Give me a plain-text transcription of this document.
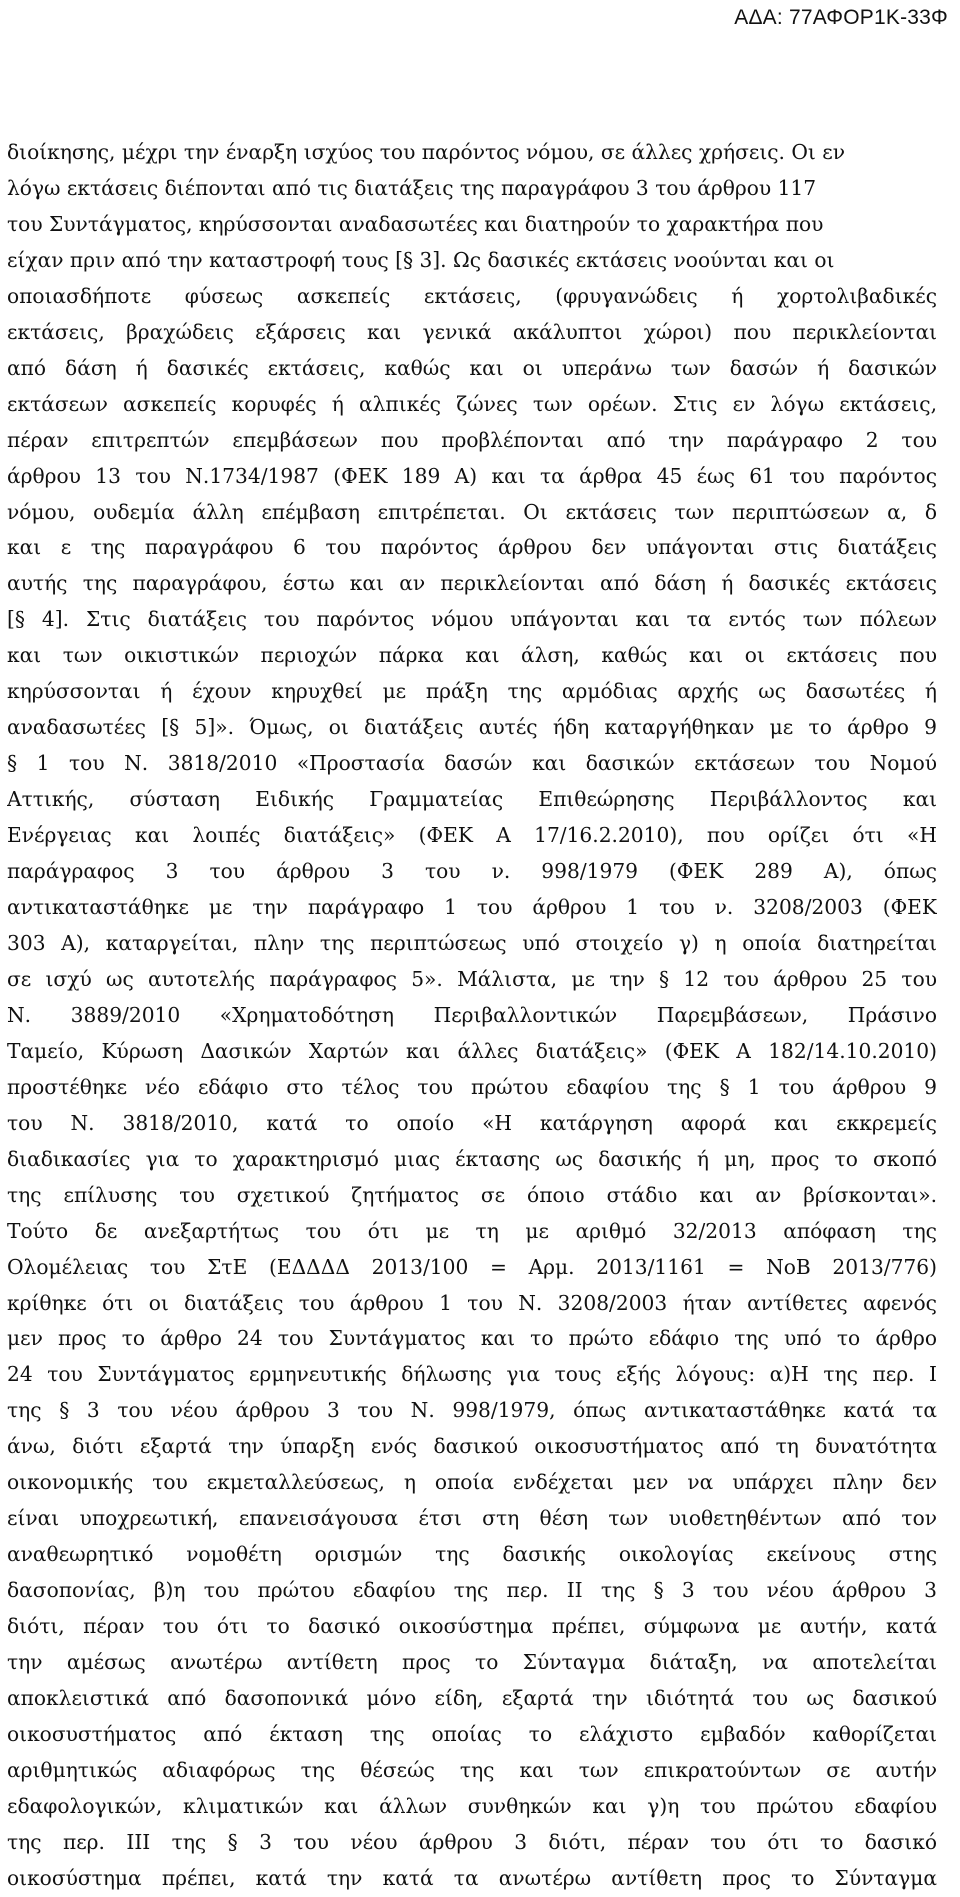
ΑΔΑ: 77ΑΦΟΡ1Κ-33Φ
διοίκησης, μέχρι την έναρξη ισχύος του παρόντος νόμου, σε άλλες χρήσεις. Οι εν
λόγω εκτάσεις διέπονται από τις διατάξεις της παραγράφου 3 του άρθρου 117
του Συντάγματος, κηρύσσονται αναδασωτέες και διατηρούν το χαρακτήρα που
είχαν πριν από την καταστροφή τους [§ 3]. Ως δασικές εκτάσεις νοούνται και οι
οποιασδήποτε φύσεως ασκεπείς εκτάσεις, (φρυγανώδεις ή χορτολιβαδικές
εκτάσεις, βραχώδεις εξάρσεις και γενικά ακάλυπτοι χώροι) που περικλείονται
από δάση ή δασικές εκτάσεις, καθώς και οι υπεράνω των δασών ή δασικών
εκτάσεων ασκεπείς κορυφές ή αλπικές ζώνες των ορέων. Στις εν λόγω εκτάσεις,
πέραν επιτρεπτών επεμβάσεων που προβλέπονται από την παράγραφο 2 του
άρθρου 13 του Ν.1734/1987 (ΦΕΚ 189 Α) και τα άρθρα 45 έως 61 του παρόντος
νόμου, ουδεμία άλλη επέμβαση επιτρέπεται. Οι εκτάσεις των περιπτώσεων α, δ
και ε της παραγράφου 6 του παρόντος άρθρου δεν υπάγονται στις διατάξεις
αυτής της παραγράφου, έστω και αν περικλείονται από δάση ή δασικές εκτάσεις
[§ 4]. Στις διατάξεις του παρόντος νόμου υπάγονται και τα εντός των πόλεων
και των οικιστικών περιοχών πάρκα και άλση, καθώς και οι εκτάσεις που
κηρύσσονται ή έχουν κηρυχθεί με πράξη της αρμόδιας αρχής ως δασωτέες ή
αναδασωτέες [§ 5]». Όμως, οι διατάξεις αυτές ήδη καταργήθηκαν με το άρθρο 9
§ 1 του Ν. 3818/2010 «Προστασία δασών και δασικών εκτάσεων του Νομού
Αττικής, σύσταση Ειδικής Γραμματείας Επιθεώρησης Περιβάλλοντος και
Ενέργειας και λοιπές διατάξεις» (ΦΕΚ Α 17/16.2.2010), που ορίζει ότι «Η
παράγραφος 3 του άρθρου 3 του ν. 998/1979 (ΦΕΚ 289 Α), όπως
αντικαταστάθηκε με την παράγραφο 1 του άρθρου 1 του ν. 3208/2003 (ΦΕΚ
303 Α), καταργείται, πλην της περιπτώσεως υπό στοιχείο γ) η οποία διατηρείται
σε ισχύ ως αυτοτελής παράγραφος 5». Μάλιστα, με την § 12 του άρθρου 25 του
Ν. 3889/2010 «Χρηματοδότηση Περιβαλλοντικών Παρεμβάσεων, Πράσινο
Ταμείο, Κύρωση Δασικών Χαρτών και άλλες διατάξεις» (ΦΕΚ Α 182/14.10.2010)
προστέθηκε νέο εδάφιο στο τέλος του πρώτου εδαφίου της § 1 του άρθρου 9
του Ν. 3818/2010, κατά το οποίο «Η κατάργηση αφορά και εκκρεμείς
διαδικασίες για το χαρακτηρισμό μιας έκτασης ως δασικής ή μη, προς το σκοπό
της επίλυσης του σχετικού ζητήματος σε όποιο στάδιο και αν βρίσκονται».
Τούτο δε ανεξαρτήτως του ότι με τη με αριθμό 32/2013 απόφαση της
Ολομέλειας του ΣτΕ (ΕΔΔΔΔ 2013/100 = Αρμ. 2013/1161 = ΝοΒ 2013/776)
κρίθηκε ότι οι διατάξεις του άρθρου 1 του Ν. 3208/2003 ήταν αντίθετες αφενός
μεν προς το άρθρο 24 του Συντάγματος και το πρώτο εδάφιο της υπό το άρθρο
24 του Συντάγματος ερμηνευτικής δήλωσης για τους εξής λόγους: α)Η της περ. Ι
της § 3 του νέου άρθρου 3 του Ν. 998/1979, όπως αντικαταστάθηκε κατά τα
άνω, διότι εξαρτά την ύπαρξη ενός δασικού οικοσυστήματος από τη δυνατότητα
οικονομικής του εκμεταλλεύσεως, η οποία ενδέχεται μεν να υπάρχει πλην δεν
είναι υποχρεωτική, επανεισάγουσα έτσι στη θέση των υιοθετηθέντων από τον
αναθεωρητικό νομοθέτη ορισμών της δασικής οικολογίας εκείνους στης
δασοπονίας, β)η του πρώτου εδαφίου της περ. ΙΙ της § 3 του νέου άρθρου 3
διότι, πέραν του ότι το δασικό οικοσύστημα πρέπει, σύμφωνα με αυτήν, κατά
την αμέσως ανωτέρω αντίθετη προς το Σύνταγμα διάταξη, να αποτελείται
αποκλειστικά από δασοπονικά μόνο είδη, εξαρτά την ιδιότητά του ως δασικού
οικοσυστήματος από έκταση της οποίας το ελάχιστο εμβαδόν καθορίζεται
αριθμητικώς αδιαφόρως της θέσεώς της και των επικρατούντων σε αυτήν
εδαφολογικών, κλιματικών και άλλων συνθηκών και γ)η του πρώτου εδαφίου
της περ. ΙΙΙ της § 3 του νέου άρθρου 3 διότι, πέραν του ότι το δασικό
οικοσύστημα πρέπει, κατά την κατά τα ανωτέρω αντίθετη προς το Σύνταγμα
